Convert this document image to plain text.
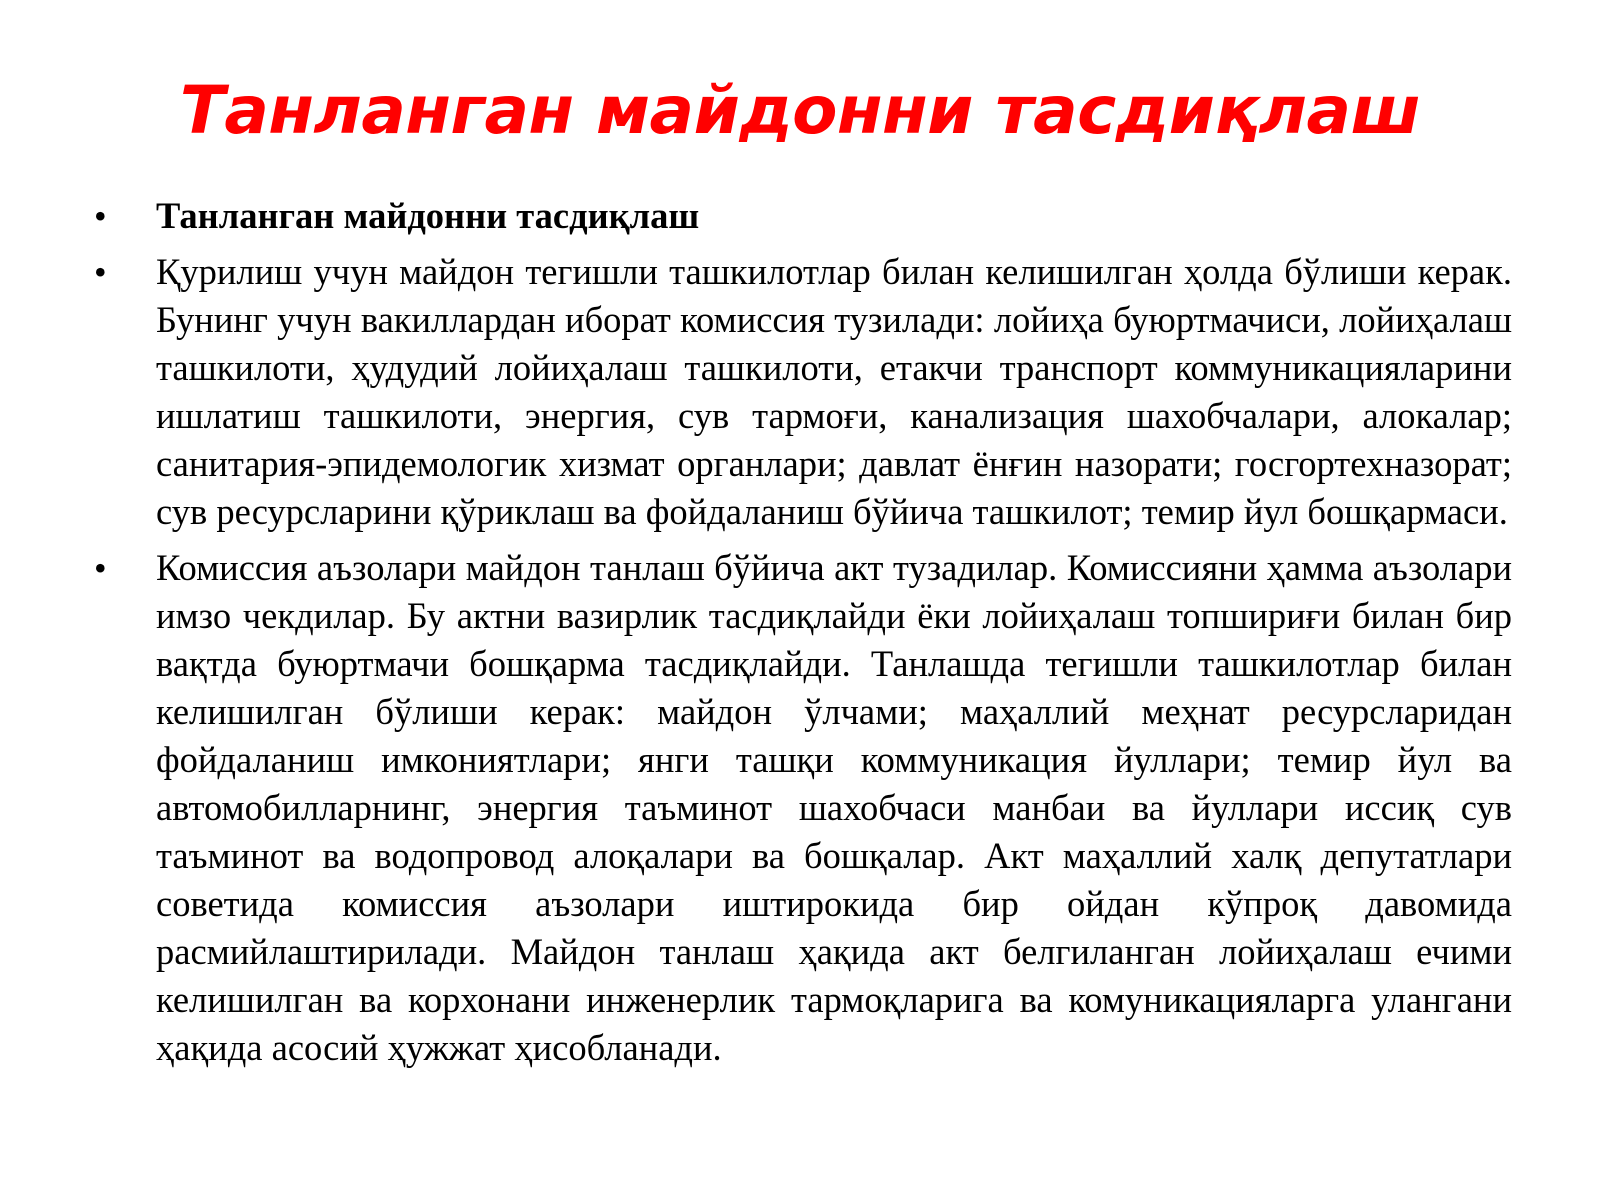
Танланган майдонни тасдиқлаш
• Танланган майдонни тасдиқлаш
• Қурилиш учун майдон тегишли ташкилотлар билан келишилган ҳолда бўлиши керак. Бунинг учун вакиллардан иборат комиссия тузилади: лойиҳа буюртмачиси, лойиҳалаш ташкилоти, ҳудудий лойиҳалаш ташкилоти, етакчи транспорт коммуникацияларини ишлатиш ташкилоти, энергия, сув тармоғи, канализация шахобчалари, алокалар; санитария-эпидемологик хизмат органлари; давлат ёнғин назорати; госгортехназорат; сув ресурсларини қўриклаш ва фойдаланиш бўйича ташкилот; темир йул бошқармаси.
• Комиссия аъзолари майдон танлаш бўйича акт тузадилар. Комиссияни ҳамма аъзолари имзо чекдилар. Бу актни вазирлик тасдиқлайди ёки лойиҳалаш топшириғи билан бир вақтда буюртмачи бошқарма тасдиқлайди. Танлашда тегишли ташкилотлар билан келишилган бўлиши керак: майдон ўлчами; маҳаллий меҳнат ресурсларидан фойдаланиш имкониятлари; янги ташқи коммуникация йуллари; темир йул ва автомобилларнинг, энергия таъминот шахобчаси манбаи ва йуллари иссиқ сув таъминот ва водопровод алоқалари ва бошқалар. Акт маҳаллий халқ депутатлари советида комиссия аъзолари иштирокида бир ойдан кўпроқ давомида расмийлаштирилади. Майдон танлаш ҳақида акт белгиланган лойиҳалаш ечими келишилган ва корхонани инженерлик тармоқларига ва комуникацияларга улангани ҳақида асосий ҳужжат ҳисобланади.
